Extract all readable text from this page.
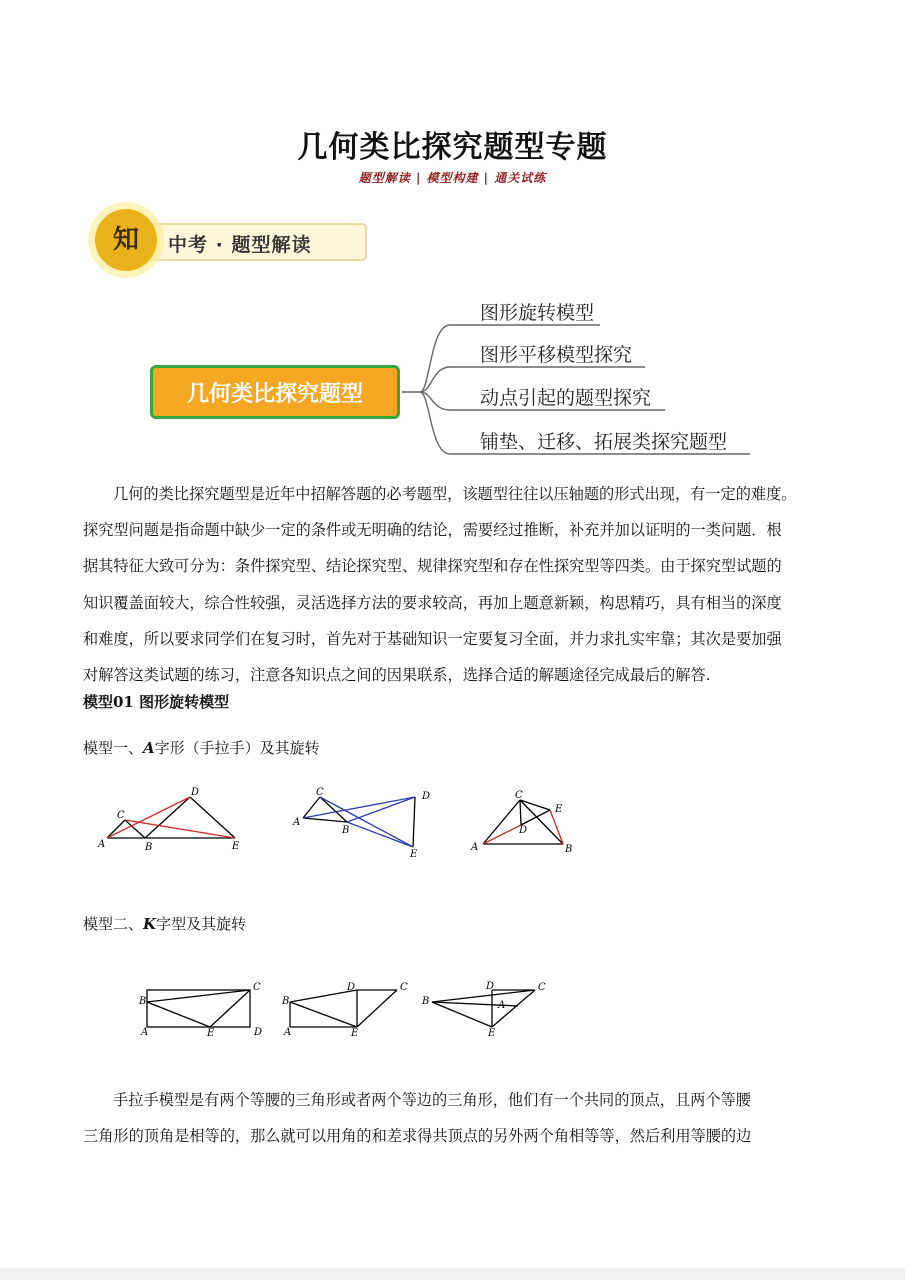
几何类比探究题型专题
题型解读 | 模型构建 | 通关试练
知	中考 · 题型解读
几何类比探究题型
图形旋转模型
图形平移模型探究
动点引起的题型探究
铺垫、迁移、拓展类探究题型
几何的类比探究题型是近年中招解答题的必考题型，该题型往往以压轴题的形式出现，有一定的难度。
探究型问题是指命题中缺少一定的条件或无明确的结论，需要经过推断，补充并加以证明的一类问题．根
据其特征大致可分为：条件探究型、结论探究型、规律探究型和存在性探究型等四类。由于探究型试题的
知识覆盖面较大，综合性较强，灵活选择方法的要求较高，再加上题意新颖，构思精巧，具有相当的深度
和难度，所以要求同学们在复习时，首先对于基础知识一定要复习全面，并力求扎实牢靠；其次是要加强
对解答这类试题的练习，注意各知识点之间的因果联系，选择合适的解题途径完成最后的解答.
模型01 图形旋转模型
模型一、A字形（手拉手）及其旋转
A	B
C
D
E
A
B
C	D
E
A	B
C
D
E
模型二、K字型及其旋转
B
A	E	D
C
B
A	E
D	C
B	A
E
D	C
手拉手模型是有两个等腰的三角形或者两个等边的三角形，他们有一个共同的顶点，且两个等腰
三角形的顶角是相等的，那么就可以用角的和差求得共顶点的另外两个角相等等，然后利用等腰的边
